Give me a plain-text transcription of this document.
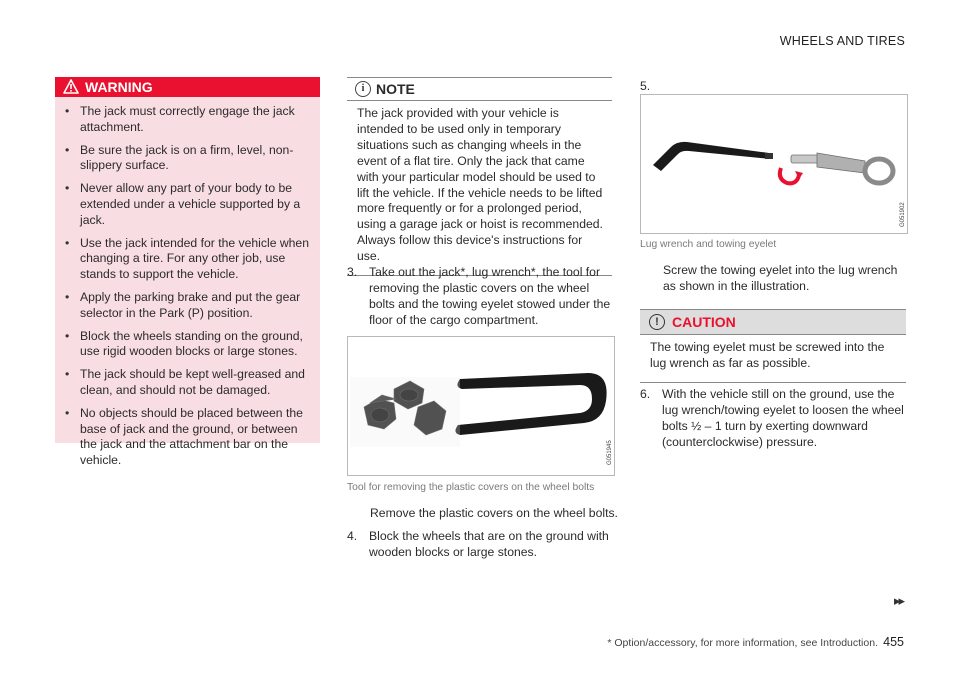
WHEELS AND TIRES
WARNING
• The jack must correctly engage the jack attachment.
• Be sure the jack is on a firm, level, non-slippery surface.
• Never allow any part of your body to be extended under a vehicle supported by a jack.
• Use the jack intended for the vehicle when changing a tire. For any other job, use stands to support the vehicle.
• Apply the parking brake and put the gear selector in the Park (P) position.
• Block the wheels standing on the ground, use rigid wooden blocks or large stones.
• The jack should be kept well-greased and clean, and should not be damaged.
• No objects should be placed between the base of jack and the ground, or between the jack and the attachment bar on the vehicle.
i NOTE
The jack provided with your vehicle is intended to be used only in temporary situations such as changing wheels in the event of a flat tire. Only the jack that came with your particular model should be used to lift the vehicle. If the vehicle needs to be lifted more frequently or for a prolonged period, using a garage jack or hoist is recommended. Always follow this device's instructions for use.
3. Take out the jack*, lug wrench*, the tool for removing the plastic covers on the wheel bolts and the towing eyelet stowed under the floor of the cargo compartment.
G051945
Tool for removing the plastic covers on the wheel bolts
Remove the plastic covers on the wheel bolts.
4. Block the wheels that are on the ground with wooden blocks or large stones.
5.
G051902
Lug wrench and towing eyelet
Screw the towing eyelet into the lug wrench as shown in the illustration.
! CAUTION
The towing eyelet must be screwed into the lug wrench as far as possible.
6. With the vehicle still on the ground, use the lug wrench/towing eyelet to loosen the wheel bolts ½ – 1 turn by exerting downward (counterclockwise) pressure.
▸▸
* Option/accessory, for more information, see Introduction. 455
